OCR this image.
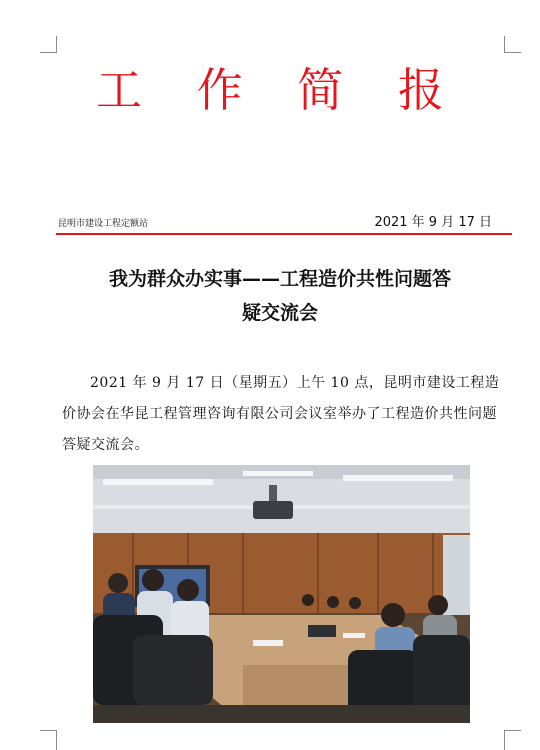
工 作 简 报
昆明市建设工程定额站	2021 年 9 月 17 日
我为群众办实事——工程造价共性问题答
疑交流会
2021 年 9 月 17 日（星期五）上午 10 点，昆明市建设工程造价协会在华昆工程管理咨询有限公司会议室举办了工程造价共性问题答疑交流会。
